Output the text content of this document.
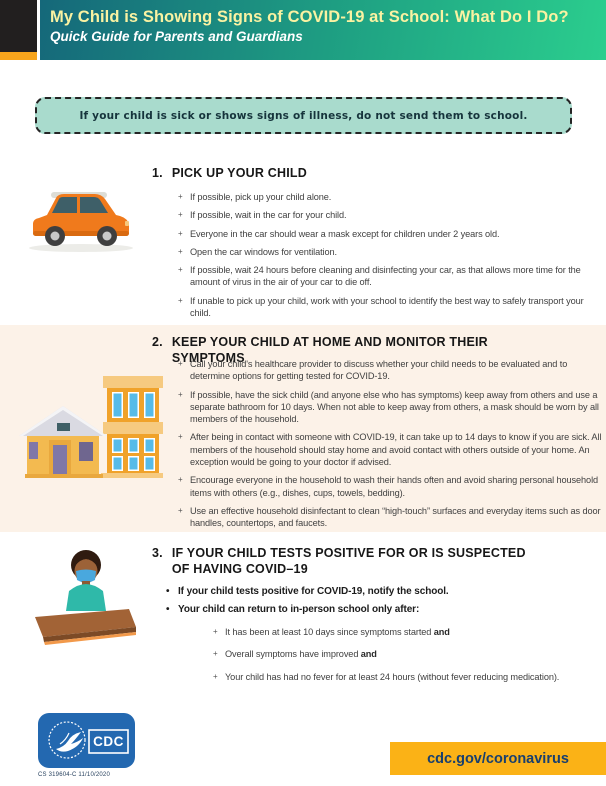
My Child is Showing Signs of COVID-19 at School: What Do I Do?

Quick Guide for Parents and Guardians

If your child is sick or shows signs of illness, do not send them to school.
1. PICK UP YOUR CHILD
+ If possible, pick up your child alone.
+ If possible, wait in the car for your child.
+ Everyone in the car should wear a mask except for children under 2 years old.
+ Open the car windows for ventilation.
+ If possible, wait 24 hours before cleaning and disinfecting your car, as that allows more time for the amount of virus in the air of your car to die off.
+ If unable to pick up your child, work with your school to identify the best way to safely transport your child.
+
2. KEEP YOUR CHILD AT HOME AND MONITOR THEIR SYMPTOMS
+ Call your child's healthcare provider to discuss whether your child needs to be evaluated and to determine options for getting tested for COVID-19.
+ If possible, have the sick child (and anyone else who has symptoms) keep away from others and use a separate bathroom for 10 days. When not able to keep away from others, a mask should be worn by all members of the household.
+ After being in contact with someone with COVID-19, it can take up to 14 days to know if you are sick. All members of the household should stay home and avoid contact with others outside of your home. An exception would be going to your doctor if advised.
+ Encourage everyone in the household to wash their hands often and avoid sharing personal household items with others (e.g., dishes, cups, towels, bedding).
+ Use an effective household disinfectant to clean “high-touch” surfaces and everyday items such as door handles, countertops, and faucets.
3. IF YOUR CHILD TESTS POSITIVE FOR OR IS SUSPECTED OF HAVING COVID–19
• If your child tests positive for COVID-19, notify the school.
• Your child can return to in-person school only after:
+ It has been at least 10 days since symptoms started and
+ Overall symptoms have improved and
+ Your child has had no fever for at least 24 hours (without fever reducing medication).
CDC
CS 319604-C 11/10/2020
cdc.gov/coronavirus
